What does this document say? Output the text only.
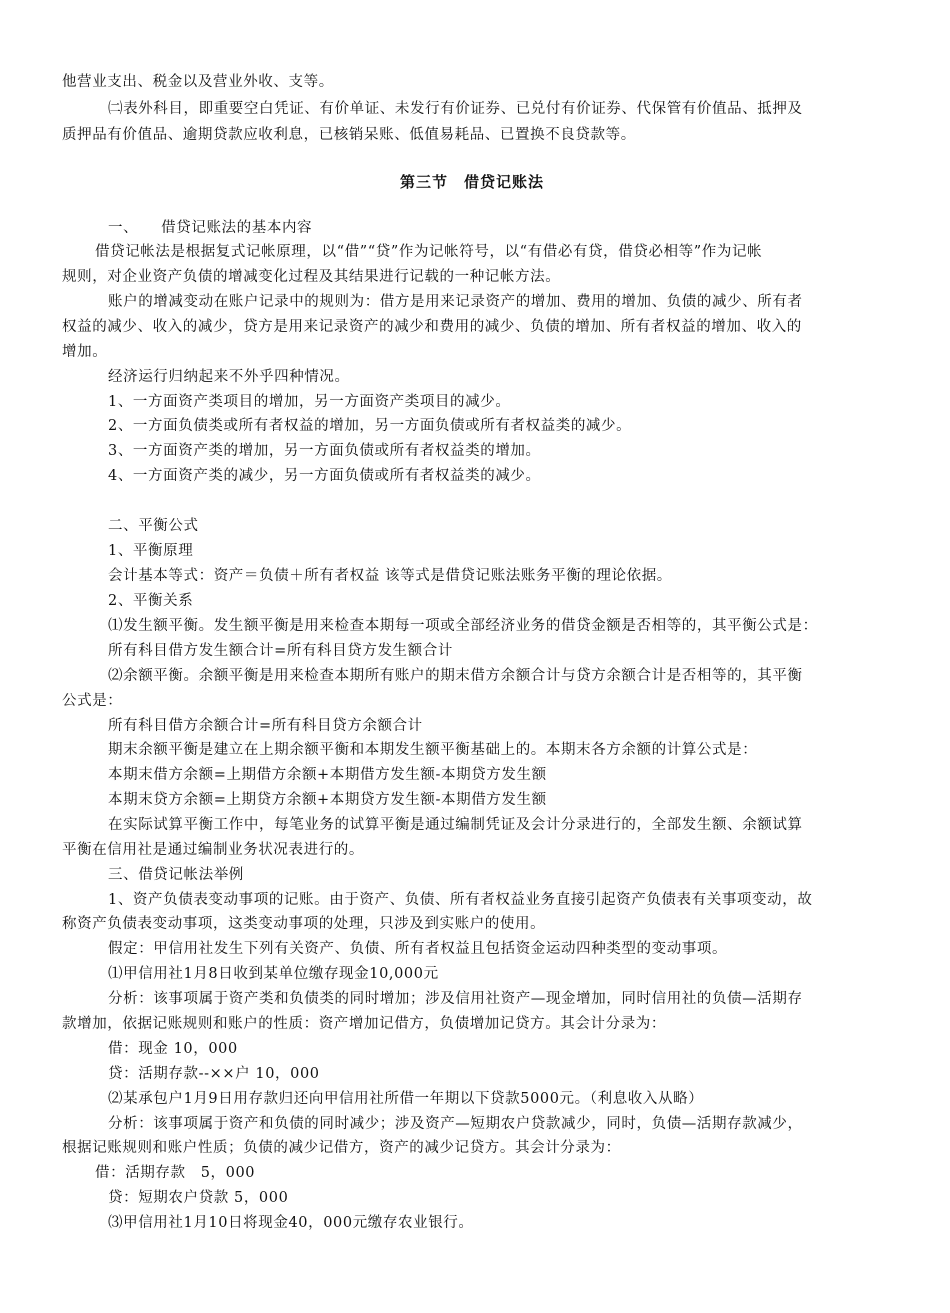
他营业支出、税金以及营业外收、支等。
㈡表外科目，即重要空白凭证、有价单证、未发行有价证券、已兑付有价证券、代保管有价值品、抵押及
质押品有价值品、逾期贷款应收利息，已核销呆账、低值易耗品、已置换不良贷款等。
第三节　借贷记账法
一、　　借贷记账法的基本内容
借贷记帐法是根据复式记帐原理，以“借”“贷”作为记帐符号，以“有借必有贷，借贷必相等”作为记帐
规则，对企业资产负债的增减变化过程及其结果进行记载的一种记帐方法。
账户的增减变动在账户记录中的规则为：借方是用来记录资产的增加、费用的增加、负债的减少、所有者
权益的减少、收入的减少，贷方是用来记录资产的减少和费用的减少、负债的增加、所有者权益的增加、收入的
增加。
经济运行归纳起来不外乎四种情况。
1、一方面资产类项目的增加，另一方面资产类项目的减少。
2、一方面负债类或所有者权益的增加，另一方面负债或所有者权益类的减少。
3、一方面资产类的增加，另一方面负债或所有者权益类的增加。
4、一方面资产类的减少，另一方面负债或所有者权益类的减少。
二、平衡公式
1、平衡原理
会计基本等式：资产＝负债＋所有者权益 该等式是借贷记账法账务平衡的理论依据。
2、平衡关系
⑴发生额平衡。发生额平衡是用来检查本期每一项或全部经济业务的借贷金额是否相等的，其平衡公式是：
所有科目借方发生额合计=所有科目贷方发生额合计
⑵余额平衡。余额平衡是用来检查本期所有账户的期末借方余额合计与贷方余额合计是否相等的，其平衡
公式是：
所有科目借方余额合计=所有科目贷方余额合计
期末余额平衡是建立在上期余额平衡和本期发生额平衡基础上的。本期末各方余额的计算公式是：
本期末借方余额=上期借方余额+本期借方发生额-本期贷方发生额
本期末贷方余额=上期贷方余额+本期贷方发生额-本期借方发生额
在实际试算平衡工作中，每笔业务的试算平衡是通过编制凭证及会计分录进行的，全部发生额、余额试算
平衡在信用社是通过编制业务状况表进行的。
三、借贷记帐法举例
1、资产负债表变动事项的记账。由于资产、负债、所有者权益业务直接引起资产负债表有关事项变动，故
称资产负债表变动事项，这类变动事项的处理，只涉及到实账户的使用。
假定：甲信用社发生下列有关资产、负债、所有者权益且包括资金运动四种类型的变动事项。
⑴甲信用社1月8日收到某单位缴存现金10,000元
分析：该事项属于资产类和负债类的同时增加；涉及信用社资产—现金增加，同时信用社的负债—活期存
款增加，依据记账规则和账户的性质：资产增加记借方，负债增加记贷方。其会计分录为：
借：现金 10，000
贷：活期存款--××户 10，000
⑵某承包户1月9日用存款归还向甲信用社所借一年期以下贷款5000元。（利息收入从略）
分析：该事项属于资产和负债的同时减少；涉及资产—短期农户贷款减少，同时，负债—活期存款减少，
根据记账规则和账户性质；负债的减少记借方，资产的减少记贷方。其会计分录为：
借：活期存款　5，000
贷：短期农户贷款 5，000
⑶甲信用社1月10日将现金40，000元缴存农业银行。
